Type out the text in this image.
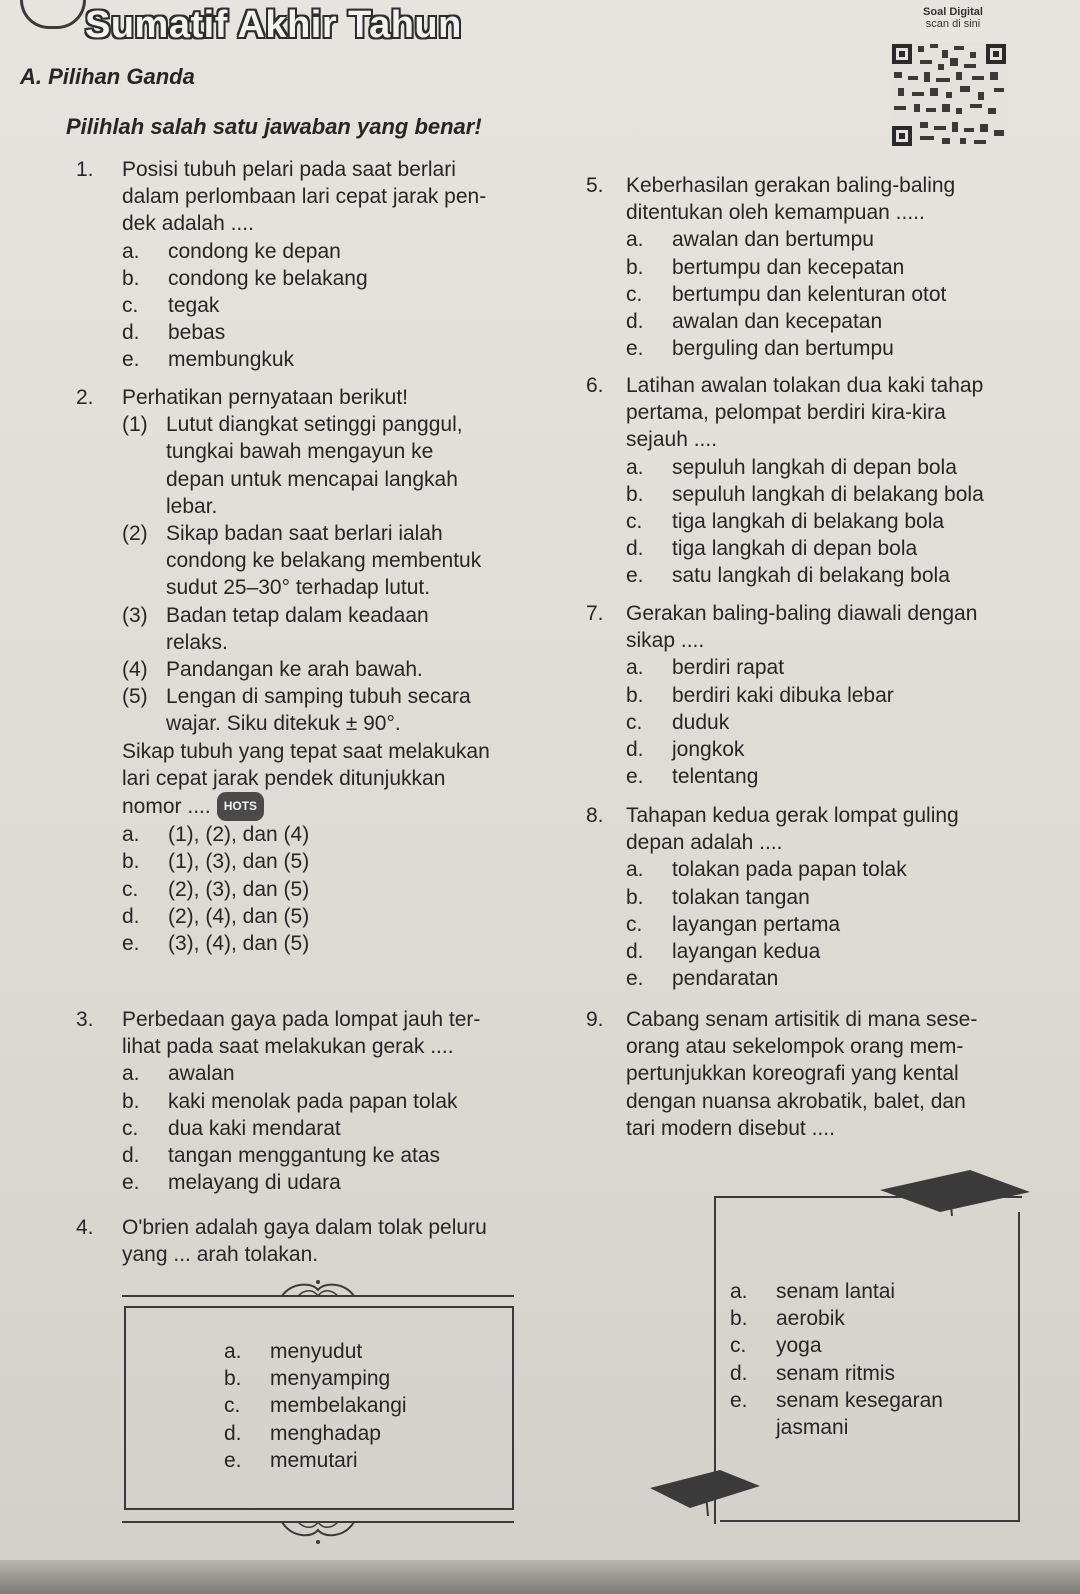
Sumatif Akhir Tahun	Soal Digital
scan di sini
A. Pilihan Ganda
Pilihlah salah satu jawaban yang benar!
1.	Posisi tubuh pelari pada saat berlari
dalam perlombaan lari cepat jarak pen-
dek adalah ....
a.	condong ke depan
b.	condong ke belakang
c.	tegak
d.	bebas
e.	membungkuk
2.	Perhatikan pernyataan berikut!
(1) Lutut diangkat setinggi panggul,
tungkai bawah mengayun ke
depan untuk mencapai langkah
lebar.
(2) Sikap badan saat berlari ialah
condong ke belakang membentuk
sudut 25–30° terhadap lutut.
(3) Badan tetap dalam keadaan
relaks.
(4) Pandangan ke arah bawah.
(5) Lengan di samping tubuh secara
wajar. Siku ditekuk ± 90°.
Sikap tubuh yang tepat saat melakukan
lari cepat jarak pendek ditunjukkan
nomor .... HOTS
a.	(1), (2), dan (4)
b.	(1), (3), dan (5)
c.	(2), (3), dan (5)
d.	(2), (4), dan (5)
e.	(3), (4), dan (5)
3.	Perbedaan gaya pada lompat jauh ter-
lihat pada saat melakukan gerak ....
a.	awalan
b.	kaki menolak pada papan tolak
c.	dua kaki mendarat
d.	tangan menggantung ke atas
e.	melayang di udara
4.	O'brien adalah gaya dalam tolak peluru
yang ... arah tolakan.
a.	menyudut
b.	menyamping
c.	membelakangi
d.	menghadap
e.	memutari
5.	Keberhasilan gerakan baling-baling
ditentukan oleh kemampuan .....
a.	awalan dan bertumpu
b.	bertumpu dan kecepatan
c.	bertumpu dan kelenturan otot
d.	awalan dan kecepatan
e.	berguling dan bertumpu
6.	Latihan awalan tolakan dua kaki tahap
pertama, pelompat berdiri kira-kira
sejauh ....
a.	sepuluh langkah di depan bola
b.	sepuluh langkah di belakang bola
c.	tiga langkah di belakang bola
d.	tiga langkah di depan bola
e.	satu langkah di belakang bola
7.	Gerakan baling-baling diawali dengan
sikap ....
a.	berdiri rapat
b.	berdiri kaki dibuka lebar
c.	duduk
d.	jongkok
e.	telentang
8.	Tahapan kedua gerak lompat guling
depan adalah ....
a.	tolakan pada papan tolak
b.	tolakan tangan
c.	layangan pertama
d.	layangan kedua
e.	pendaratan
9.	Cabang senam artisitik di mana sese-
orang atau sekelompok orang mem-
pertunjukkan koreografi yang kental
dengan nuansa akrobatik, balet, dan
tari modern disebut ....
a.	senam lantai
b.	aerobik
c.	yoga
d.	senam ritmis
e.	senam kesegaran
jasmani
